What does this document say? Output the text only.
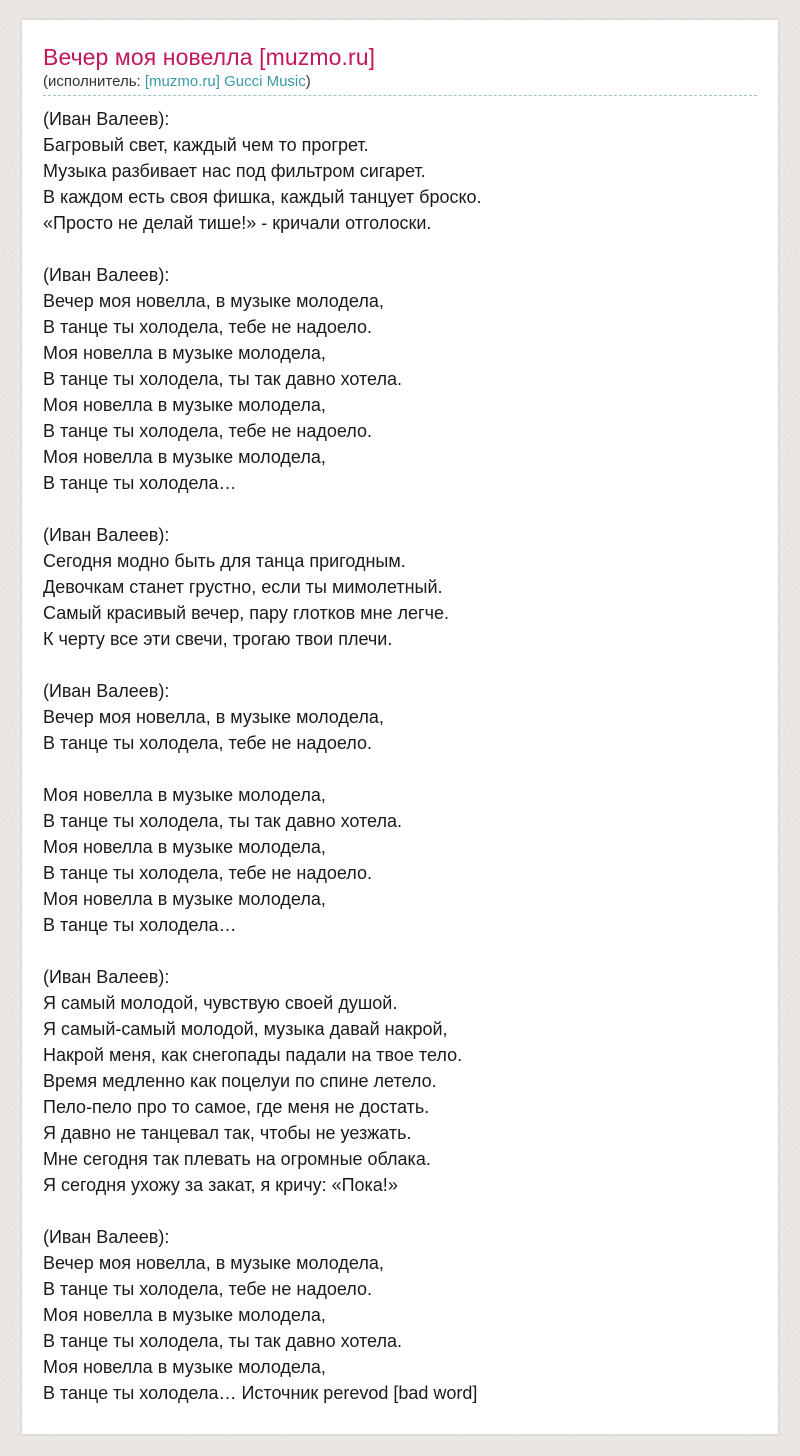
Вечер моя новелла [muzmo.ru]
(исполнитель: [muzmo.ru] Gucci Music)
(Иван Валеев):
Багровый свет, каждый чем то прогрет.
Музыка разбивает нас под фильтром сигарет.
В каждом есть своя фишка, каждый танцует броско.
«Просто не делай тише!» - кричали отголоски.
(Иван Валеев):
Вечер моя новелла, в музыке молодела,
В танце ты холодела, тебе не надоело.
Моя новелла в музыке молодела,
В танце ты холодела, ты так давно хотела.
Моя новелла в музыке молодела,
В танце ты холодела, тебе не надоело.
Моя новелла в музыке молодела,
В танце ты холодела…
(Иван Валеев):
Сегодня модно быть для танца пригодным.
Девочкам станет грустно, если ты мимолетный.
Самый красивый вечер, пару глотков мне легче.
К черту все эти свечи, трогаю твои плечи.
(Иван Валеев):
Вечер моя новелла, в музыке молодела,
В танце ты холодела, тебе не надоело.
Моя новелла в музыке молодела,
В танце ты холодела, ты так давно хотела.
Моя новелла в музыке молодела,
В танце ты холодела, тебе не надоело.
Моя новелла в музыке молодела,
В танце ты холодела…
(Иван Валеев):
Я самый молодой, чувствую своей душой.
Я самый-самый молодой, музыка давай накрой,
Накрой меня, как снегопады падали на твое тело.
Время медленно как поцелуи по спине летело.
Пело-пело про то самое, где меня не достать.
Я давно не танцевал так, чтобы не уезжать.
Мне сегодня так плевать на огромные облака.
Я сегодня ухожу за закат, я кричу: «Пока!»
(Иван Валеев):
Вечер моя новелла, в музыке молодела,
В танце ты холодела, тебе не надоело.
Моя новелла в музыке молодела,
В танце ты холодела, ты так давно хотела.
Моя новелла в музыке молодела,
В танце ты холодела… Источник perevod [bad word]
